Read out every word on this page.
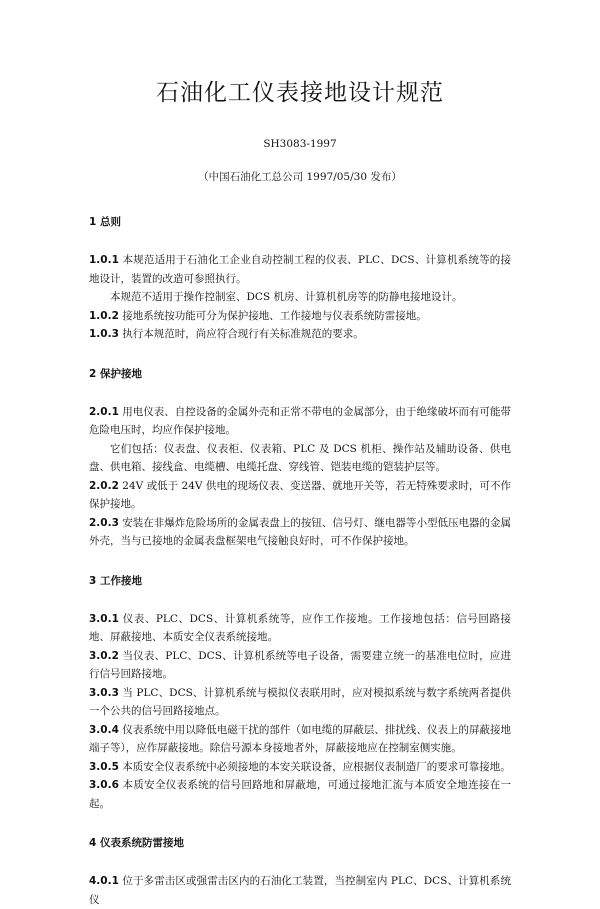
石油化工仪表接地设计规范
SH3083-1997
（中国石油化工总公司 1997/05/30 发布）
1 总则

1.0.1 本规范适用于石油化工企业自动控制工程的仪表、PLC、DCS、计算机系统等的接地设计，装置的改造可参照执行。

本规范不适用于操作控制室、DCS 机房、计算机机房等的防静电接地设计。

1.0.2 接地系统按功能可分为保护接地、工作接地与仪表系统防雷接地。

1.0.3 执行本规范时，尚应符合现行有关标准规范的要求。

2 保护接地

2.0.1 用电仪表、自控设备的金属外壳和正常不带电的金属部分，由于绝缘破坏而有可能带危险电压时，均应作保护接地。

它们包括：仪表盘、仪表柜、仪表箱、PLC 及 DCS 机柜、操作站及辅助设备、供电盘、供电箱、接线盒、电缆槽、电缆托盘、穿线管、铠装电缆的铠装护层等。

2.0.2 24V 或低于 24V 供电的现场仪表、变送器、就地开关等，若无特殊要求时，可不作保护接地。

2.0.3 安装在非爆炸危险场所的金属表盘上的按钮、信号灯、继电器等小型低压电器的金属外壳，当与已接地的金属表盘框架电气接触良好时，可不作保护接地。

3 工作接地

3.0.1 仪表、PLC、DCS、计算机系统等，应作工作接地。工作接地包括：信号回路接地、屏蔽接地、本质安全仪表系统接地。

3.0.2 当仪表、PLC、DCS、计算机系统等电子设备，需要建立统一的基准电位时，应进行信号回路接地。

3.0.3 当 PLC、DCS、计算机系统与模拟仪表联用时，应对模拟系统与数字系统两者提供一个公共的信号回路接地点。

3.0.4 仪表系统中用以降低电磁干扰的部件（如电缆的屏蔽层、排扰线、仪表上的屏蔽接地端子等），应作屏蔽接地。除信号源本身接地者外，屏蔽接地应在控制室侧实施。

3.0.5 本质安全仪表系统中必须接地的本安关联设备，应根据仪表制造厂的要求可靠接地。

3.0.6 本质安全仪表系统的信号回路地和屏蔽地，可通过接地汇流与本质安全地连接在一起。

4 仪表系统防雷接地

4.0.1 位于多雷击区或强雷击区内的石油化工装置，当控制室内 PLC、DCS、计算机系统仪
